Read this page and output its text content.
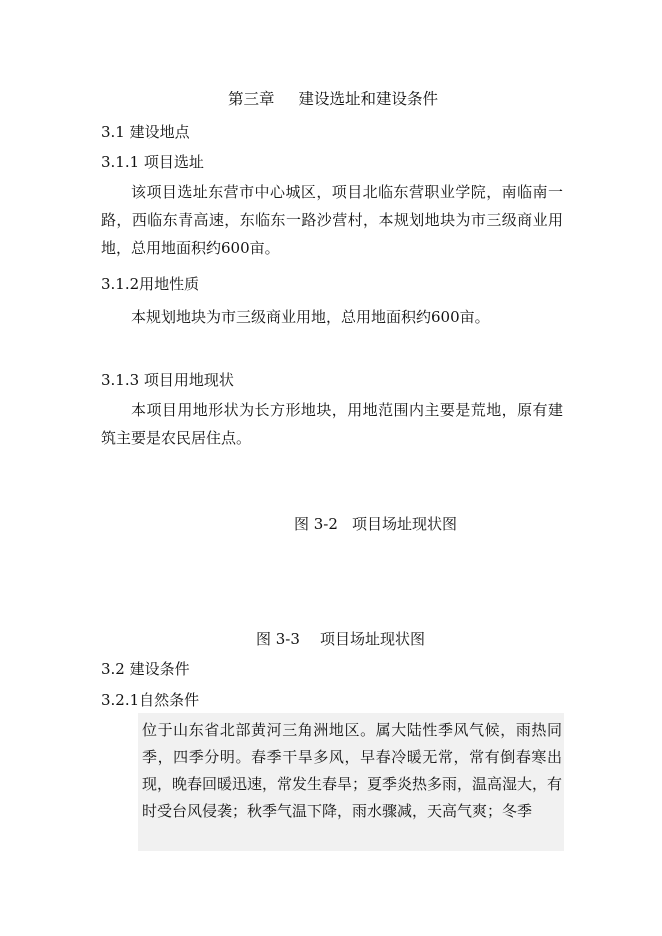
第三章 建设选址和建设条件
3.1 建设地点
3.1.1 项目选址
该项目选址东营市中心城区，项目北临东营职业学院，南临南一路，西临东青高速，东临东一路沙营村，本规划地块为市三级商业用地，总用地面积约600亩。
3.1.2用地性质
本规划地块为市三级商业用地，总用地面积约600亩。
3.1.3 项目用地现状
本项目用地形状为长方形地块，用地范围内主要是荒地，原有建筑主要是农民居住点。
图 3-2 项目场址现状图
图 3-3 项目场址现状图
3.2 建设条件
3.2.1自然条件

位于山东省北部黄河三角洲地区。属大陆性季风气候，雨热同季，四季分明。春季干旱多风，早春冷暖无常，常有倒春寒出现，晚春回暖迅速，常发生春旱；夏季炎热多雨，温高湿大，有时受台风侵袭；秋季气温下降，雨水骤减，天高气爽；冬季
